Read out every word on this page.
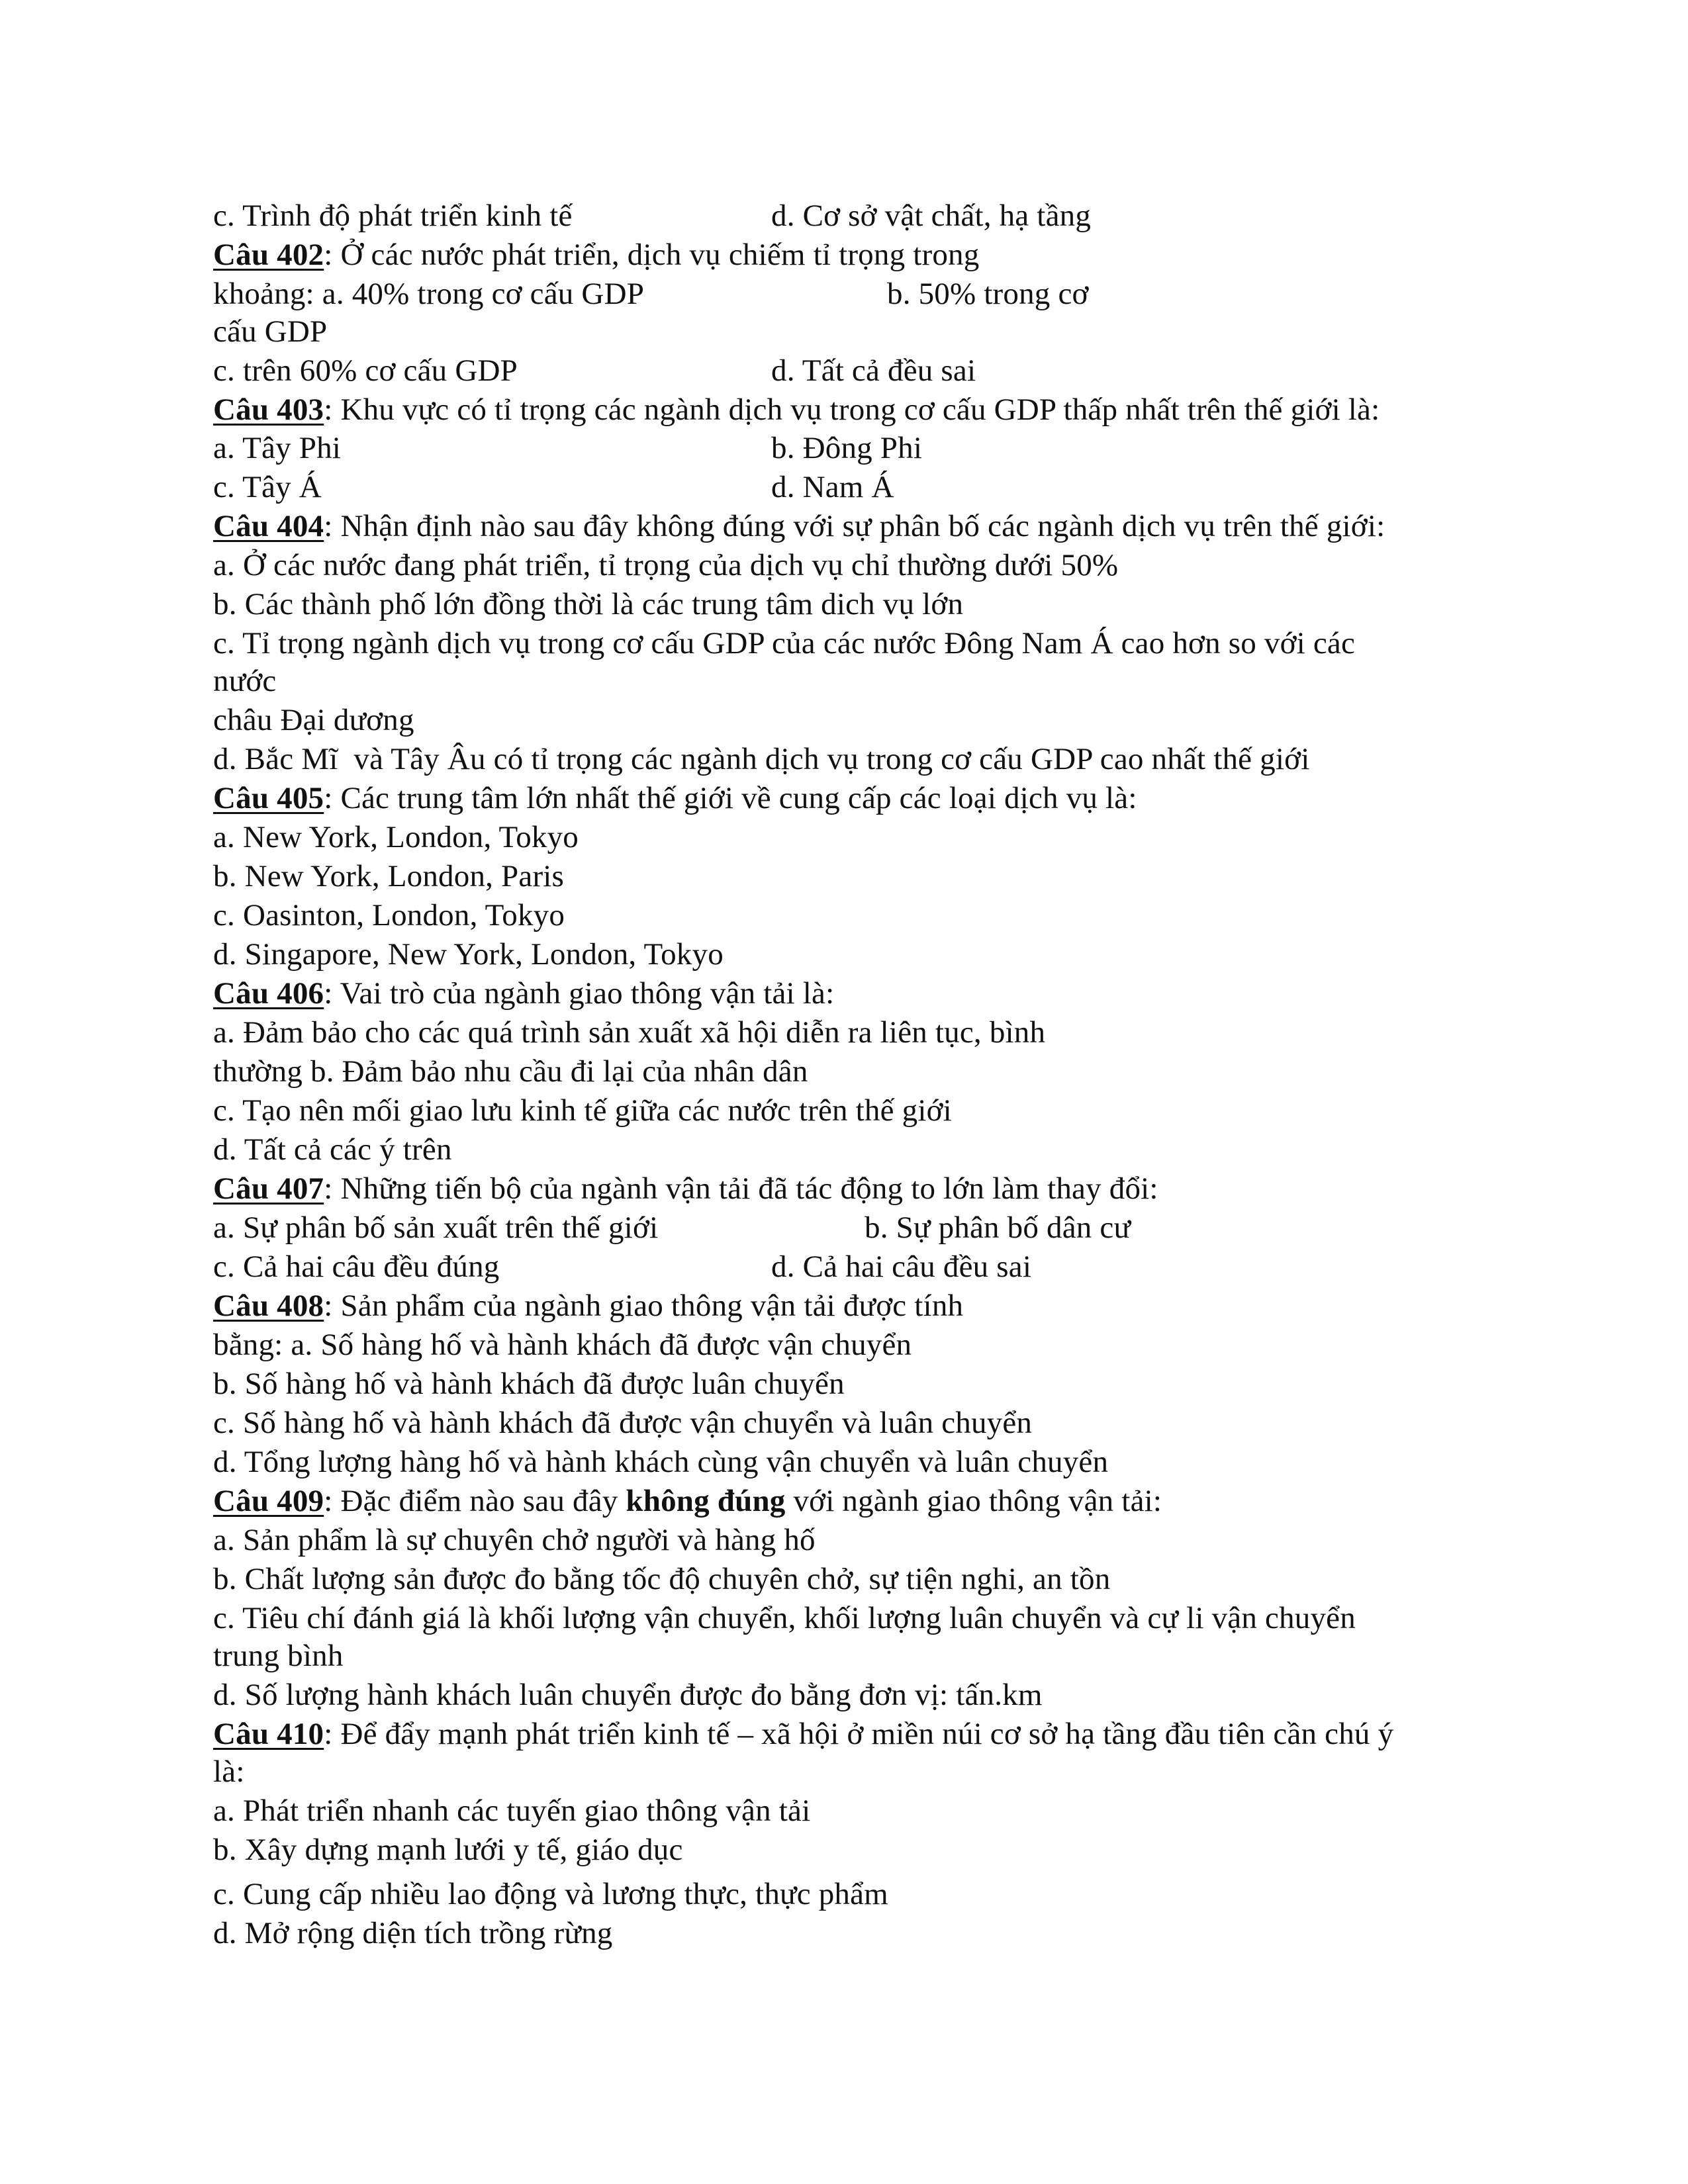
c. Trình độ phát triển kinh tế	d. Cơ sở vật chất, hạ tầng
Câu 402: Ở các nước phát triển, dịch vụ chiếm tỉ trọng trong
khoảng: a. 40% trong cơ cấu GDP	b. 50% trong cơ
cấu GDP
c. trên 60% cơ cấu GDP	d. Tất cả đều sai
Câu 403: Khu vực có tỉ trọng các ngành dịch vụ trong cơ cấu GDP thấp nhất trên thế giới là:
a. Tây Phi	b. Đông Phi
c. Tây Á	d. Nam Á
Câu 404: Nhận định nào sau đây không đúng với sự phân bố các ngành dịch vụ trên thế giới:
a. Ở các nước đang phát triển, tỉ trọng của dịch vụ chỉ thường dưới 50%
b. Các thành phố lớn đồng thời là các trung tâm dich vụ lớn
c. Tỉ trọng ngành dịch vụ trong cơ cấu GDP của các nước Đông Nam Á cao hơn so với các
nước
châu Đại dương
d. Bắc Mĩ  và Tây Âu có tỉ trọng các ngành dịch vụ trong cơ cấu GDP cao nhất thế giới
Câu 405: Các trung tâm lớn nhất thế giới về cung cấp các loại dịch vụ là:
a. New York, London, Tokyo
b. New York, London, Paris
c. Oasinton, London, Tokyo
d. Singapore, New York, London, Tokyo
Câu 406: Vai trò của ngành giao thông vận tải là:
a. Đảm bảo cho các quá trình sản xuất xã hội diễn ra liên tục, bình
thường b. Đảm bảo nhu cầu đi lại của nhân dân
c. Tạo nên mối giao lưu kinh tế giữa các nước trên thế giới
d. Tất cả các ý trên
Câu 407: Những tiến bộ của ngành vận tải đã tác động to lớn làm thay đổi:
a. Sự phân bố sản xuất trên thế giới	b. Sự phân bố dân cư
c. Cả hai câu đều đúng	d. Cả hai câu đều sai
Câu 408: Sản phẩm của ngành giao thông vận tải được tính
bằng: a. Số hàng hố và hành khách đã được vận chuyển
b. Số hàng hố và hành khách đã được luân chuyển
c. Số hàng hố và hành khách đã được vận chuyển và luân chuyển
d. Tổng lượng hàng hố và hành khách cùng vận chuyển và luân chuyển
Câu 409: Đặc điểm nào sau đây không đúng với ngành giao thông vận tải:
a. Sản phẩm là sự chuyên chở người và hàng hố
b. Chất lượng sản được đo bằng tốc độ chuyên chở, sự tiện nghi, an tồn
c. Tiêu chí đánh giá là khối lượng vận chuyển, khối lượng luân chuyển và cự li vận chuyển
trung bình
d. Số lượng hành khách luân chuyển được đo bằng đơn vị: tấn.km
Câu 410: Để đẩy mạnh phát triển kinh tế – xã hội ở miền núi cơ sở hạ tầng đầu tiên cần chú ý
là:
a. Phát triển nhanh các tuyến giao thông vận tải
b. Xây dựng mạnh lưới y tế, giáo dục
c. Cung cấp nhiều lao động và lương thực, thực phẩm
d. Mở rộng diện tích trồng rừng
